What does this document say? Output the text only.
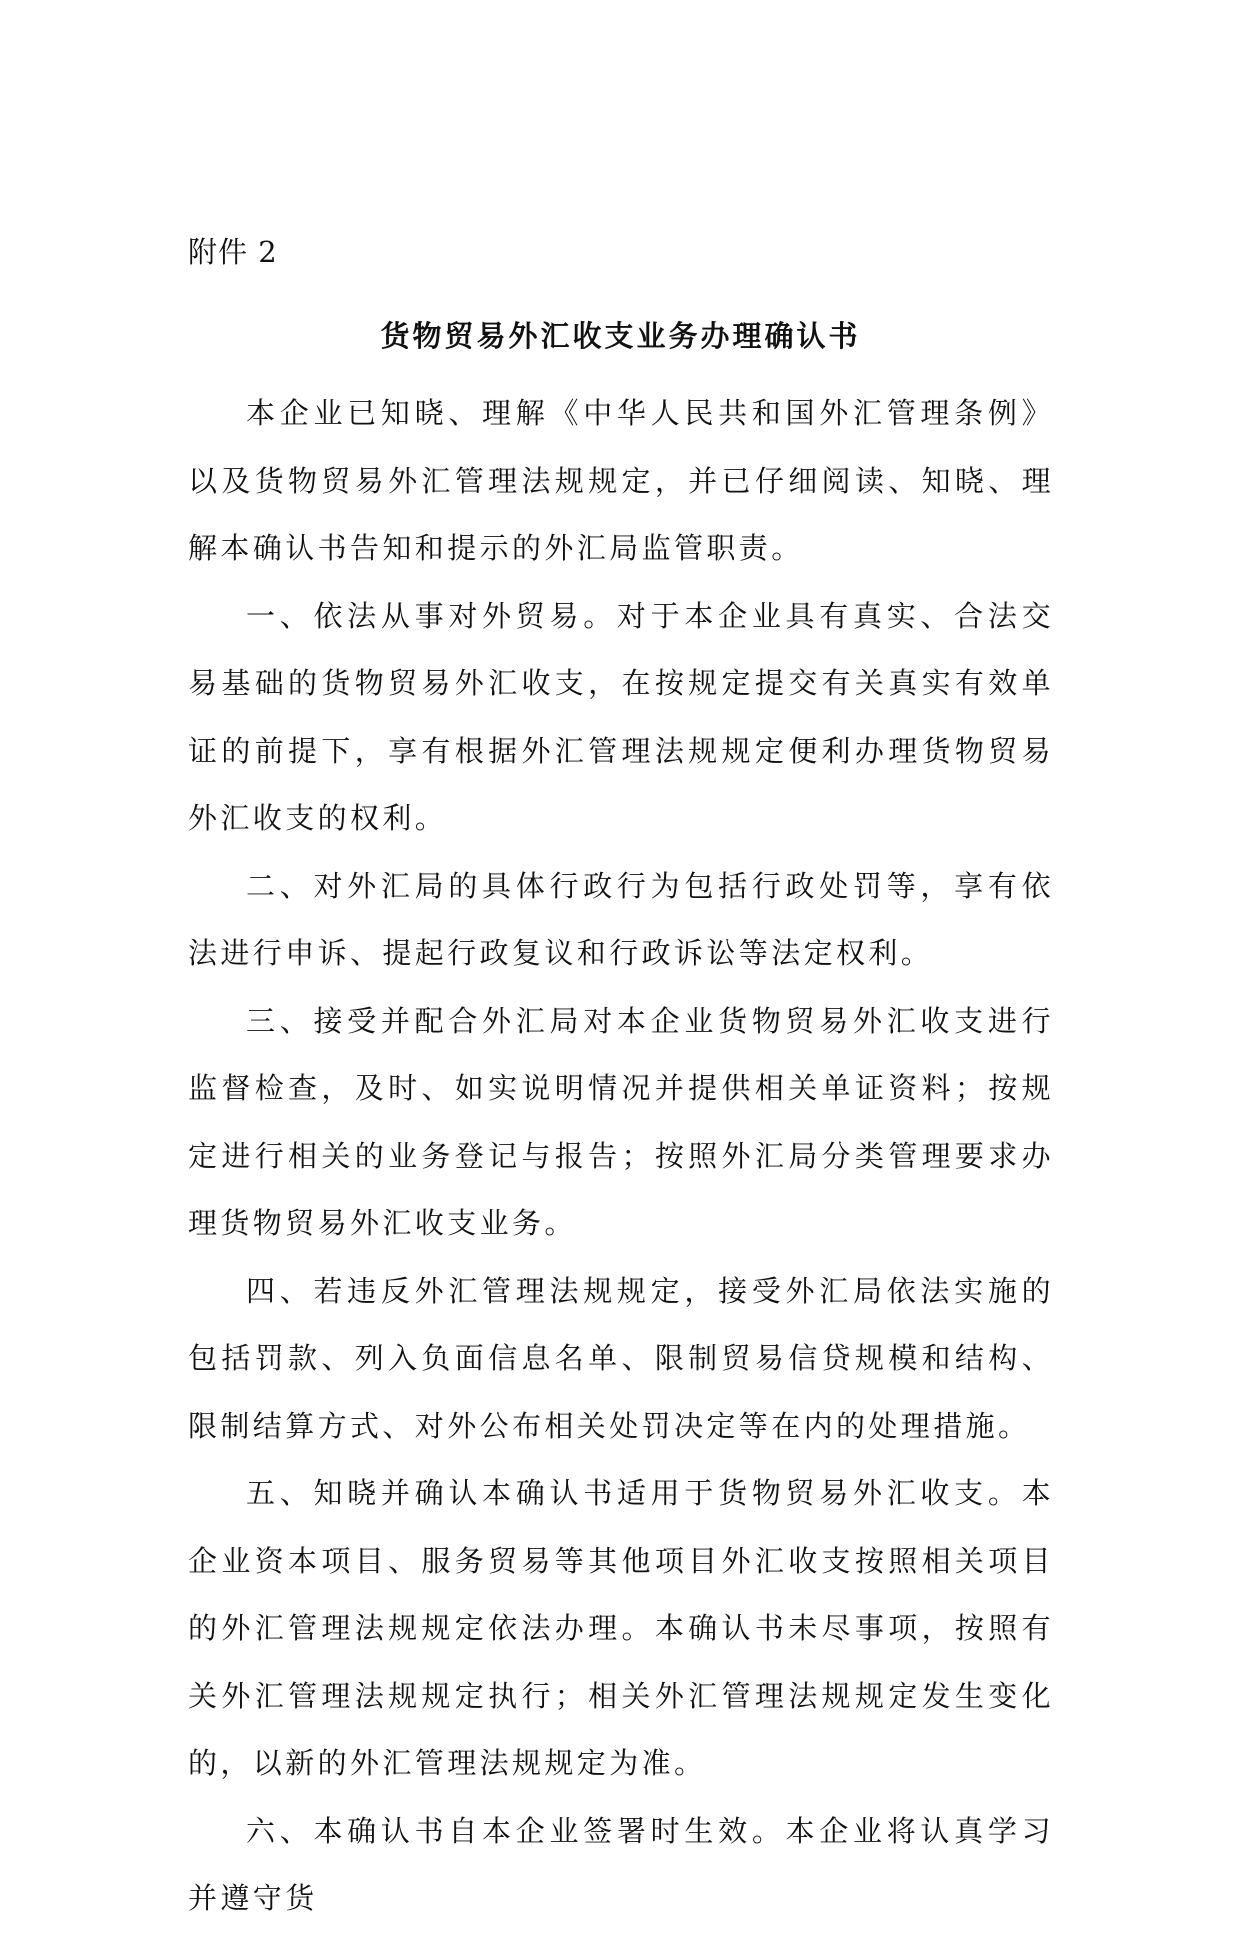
附件 2
货物贸易外汇收支业务办理确认书

本企业已知晓、理解《中华人民共和国外汇管理条例》以及货物贸易外汇管理法规规定，并已仔细阅读、知晓、理解本确认书告知和提示的外汇局监管职责。

一、依法从事对外贸易。对于本企业具有真实、合法交易基础的货物贸易外汇收支，在按规定提交有关真实有效单证的前提下，享有根据外汇管理法规规定便利办理货物贸易外汇收支的权利。

二、对外汇局的具体行政行为包括行政处罚等，享有依法进行申诉、提起行政复议和行政诉讼等法定权利。

三、接受并配合外汇局对本企业货物贸易外汇收支进行监督检查，及时、如实说明情况并提供相关单证资料；按规定进行相关的业务登记与报告；按照外汇局分类管理要求办理货物贸易外汇收支业务。

四、若违反外汇管理法规规定，接受外汇局依法实施的包括罚款、列入负面信息名单、限制贸易信贷规模和结构、限制结算方式、对外公布相关处罚决定等在内的处理措施。

五、知晓并确认本确认书适用于货物贸易外汇收支。本企业资本项目、服务贸易等其他项目外汇收支按照相关项目的外汇管理法规规定依法办理。本确认书未尽事项，按照有关外汇管理法规规定执行；相关外汇管理法规规定发生变化的，以新的外汇管理法规规定为准。

六、本确认书自本企业签署时生效。本企业将认真学习并遵守货
